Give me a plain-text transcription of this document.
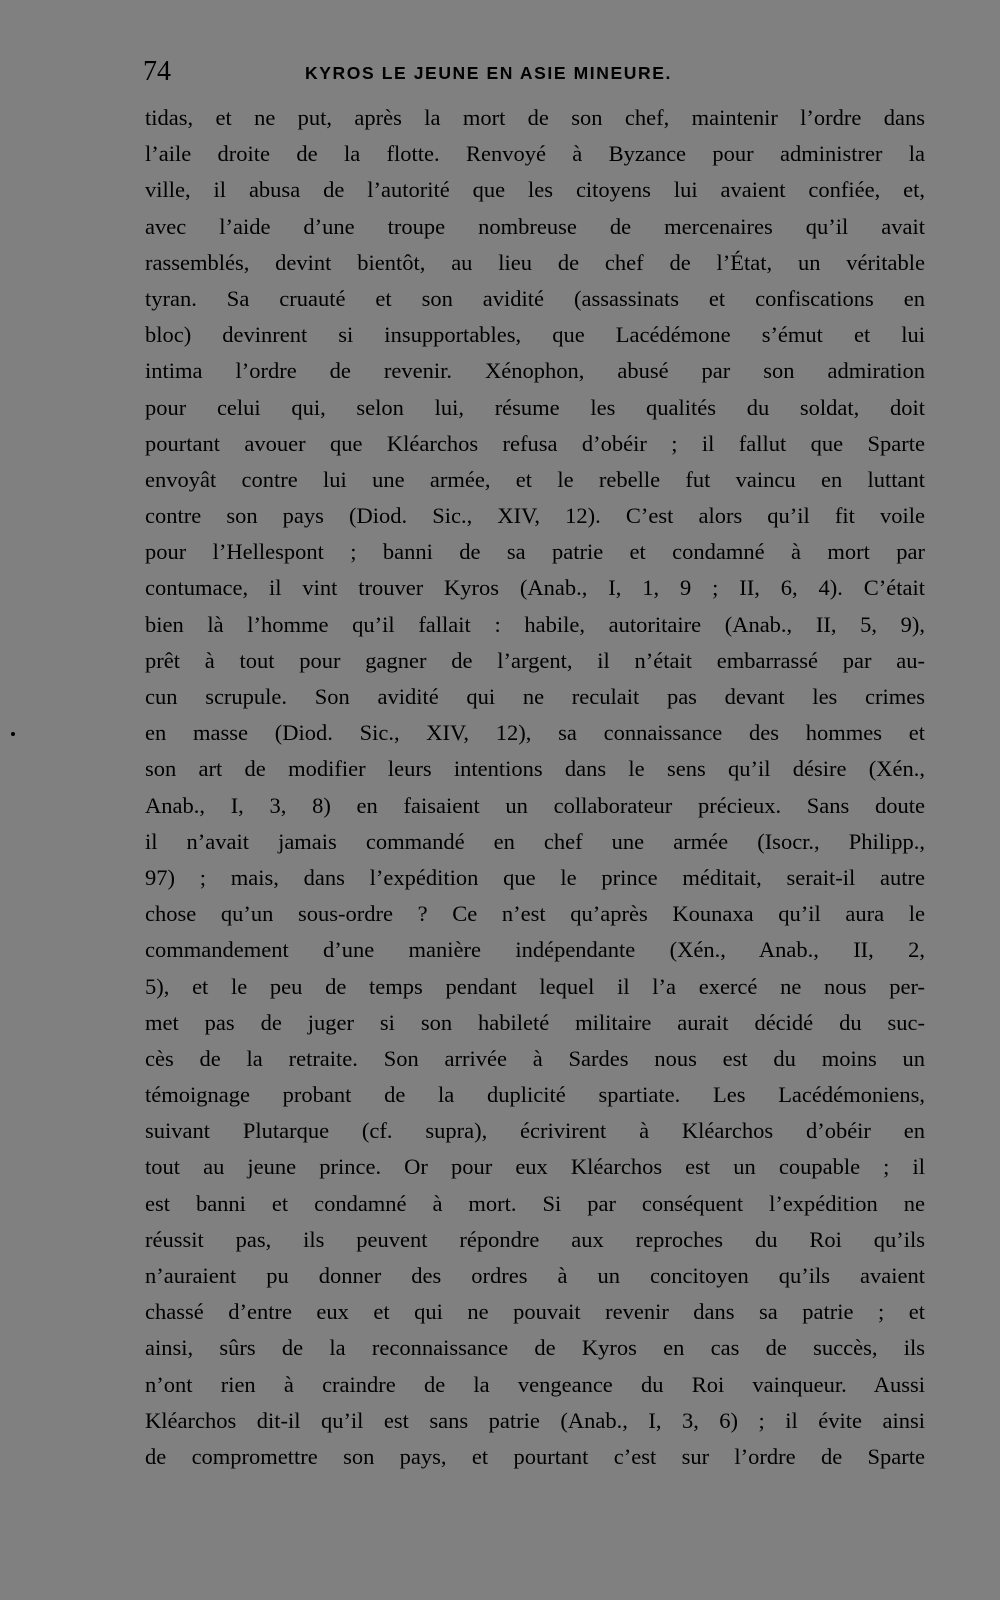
74	KYROS LE JEUNE EN ASIE MINEURE.
tidas, et ne put, après la mort de son chef, maintenir l’ordre dans
l’aile droite de la flotte. Renvoyé à Byzance pour administrer la
ville, il abusa de l’autorité que les citoyens lui avaient confiée, et,
avec l’aide d’une troupe nombreuse de mercenaires qu’il avait
rassemblés, devint bientôt, au lieu de chef de l’État, un véritable
tyran. Sa cruauté et son avidité (assassinats et confiscations en
bloc) devinrent si insupportables, que Lacédémone s’émut et lui
intima l’ordre de revenir. Xénophon, abusé par son admiration
pour celui qui, selon lui, résume les qualités du soldat, doit
pourtant avouer que Kléarchos refusa d’obéir ; il fallut que Sparte
envoyât contre lui une armée, et le rebelle fut vaincu en luttant
contre son pays (Diod. Sic., XIV, 12). C’est alors qu’il fit voile
pour l’Hellespont ; banni de sa patrie et condamné à mort par
contumace, il vint trouver Kyros (Anab., I, 1, 9 ; II, 6, 4). C’était
bien là l’homme qu’il fallait : habile, autoritaire (Anab., II, 5, 9),
prêt à tout pour gagner de l’argent, il n’était embarrassé par au-
cun scrupule. Son avidité qui ne reculait pas devant les crimes
en masse (Diod. Sic., XIV, 12), sa connaissance des hommes et
son art de modifier leurs intentions dans le sens qu’il désire (Xén.,
Anab., I, 3, 8) en faisaient un collaborateur précieux. Sans doute
il n’avait jamais commandé en chef une armée (Isocr., Philipp.,
97) ; mais, dans l’expédition que le prince méditait, serait-il autre
chose qu’un sous-ordre ? Ce n’est qu’après Kounaxa qu’il aura le
commandement d’une manière indépendante (Xén., Anab., II, 2,
5), et le peu de temps pendant lequel il l’a exercé ne nous per-
met pas de juger si son habileté militaire aurait décidé du suc-
cès de la retraite. Son arrivée à Sardes nous est du moins un
témoignage probant de la duplicité spartiate. Les Lacédémoniens,
suivant Plutarque (cf. supra), écrivirent à Kléarchos d’obéir en
tout au jeune prince. Or pour eux Kléarchos est un coupable ; il
est banni et condamné à mort. Si par conséquent l’expédition ne
réussit pas, ils peuvent répondre aux reproches du Roi qu’ils
n’auraient pu donner des ordres à un concitoyen qu’ils avaient
chassé d’entre eux et qui ne pouvait revenir dans sa patrie ; et
ainsi, sûrs de la reconnaissance de Kyros en cas de succès, ils
n’ont rien à craindre de la vengeance du Roi vainqueur. Aussi
Kléarchos dit-il qu’il est sans patrie (Anab., I, 3, 6) ; il évite ainsi
de compromettre son pays, et pourtant c’est sur l’ordre de Sparte
